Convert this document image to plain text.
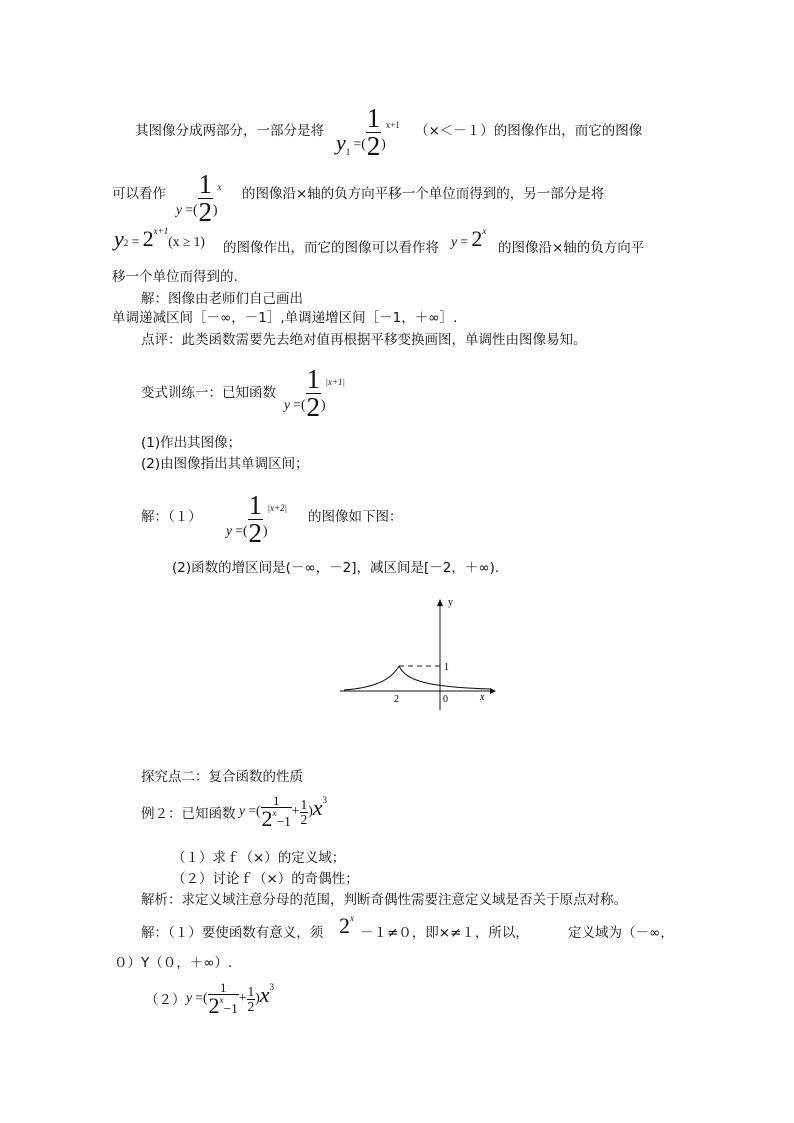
其图像分成两部分，一部分是将 $y_1$ =( $\frac{1}{2} )x+1$ （×＜－１）的图像作出，而它的图像
可以看作
y =( $\frac{1}{2} )^x$ 的图像沿×轴的负方向平移一个单位而得到的，另一部分是将
$y2 = 2^{x+1}(x \ge 1)$ 的图像作出，而它的图像可以看作将 $y = 2^x$
的图像沿×轴的负方向平
移一个单位而得到的.
解：图像由老师们自己画出
单调递减区间［－∞，－1］,单调递增区间［－1，＋∞］.
点评：此类函数需要先去绝对值再根据平移变换画图，单调性由图像易知。
变式训练一：已知函数
y =( $\frac{1}{2} )|x+1|$
(1)作出其图像；
(2)由图像指出其单调区间；
解：（１）
y =( $\frac{1}{2} )|x+2|$
的图像如下图：
(2)函数的增区间是(－∞，－2]，减区间是[－2，＋∞).
y
x
1
2	0
探究点二：复合函数的性质
例２：已知函数 y =( $\frac{1}{2^x-1} + \frac{1}{2} )x^3$
（１）求ｆ（×）的定义域；
（２）讨论ｆ（×）的奇偶性；
解析：求定义域注意分母的范围，判断奇偶性需要注意定义域是否关于原点对称。
解：（１）要使函数有意义，须 $2^x$
－１≠０，即×≠１，所以，	定义域为（－∞，
０）Υ（０，＋∞）.
（２） y =( $\frac{1}{2^x-1} + \frac{1}{2} )x^3$
